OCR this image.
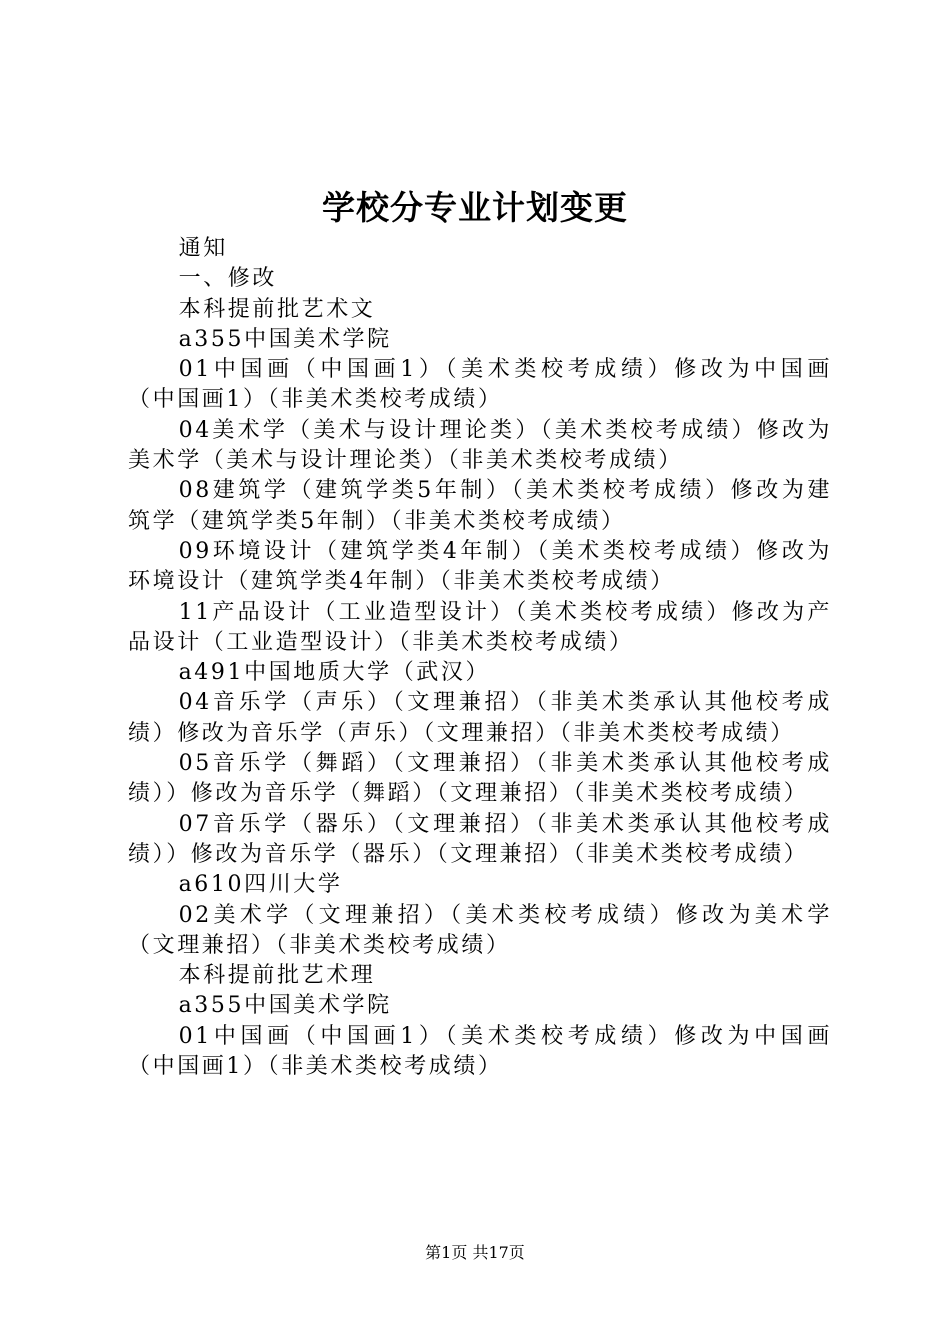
学校分专业计划变更

通知

一、修改

本科提前批艺术文

a355中国美术学院

01中国画（中国画1）（美术类校考成绩）修改为中国画（中国画1）（非美术类校考成绩）

04美术学（美术与设计理论类）（美术类校考成绩）修改为美术学（美术与设计理论类）（非美术类校考成绩）

08建筑学（建筑学类5年制）（美术类校考成绩）修改为建筑学（建筑学类5年制）（非美术类校考成绩）

09环境设计（建筑学类4年制）（美术类校考成绩）修改为环境设计（建筑学类4年制）（非美术类校考成绩）

11产品设计（工业造型设计）（美术类校考成绩）修改为产品设计（工业造型设计）（非美术类校考成绩）

a491中国地质大学（武汉）

04音乐学（声乐）（文理兼招）（非美术类承认其他校考成绩）修改为音乐学（声乐）（文理兼招）（非美术类校考成绩）

05音乐学（舞蹈）（文理兼招）（非美术类承认其他校考成绩））修改为音乐学（舞蹈）（文理兼招）（非美术类校考成绩）

07音乐学（器乐）（文理兼招）（非美术类承认其他校考成绩））修改为音乐学（器乐）（文理兼招）（非美术类校考成绩）

a610四川大学

02美术学（文理兼招）（美术类校考成绩）修改为美术学（文理兼招）（非美术类校考成绩）

本科提前批艺术理

a355中国美术学院

01中国画（中国画1）（美术类校考成绩）修改为中国画（中国画1）（非美术类校考成绩）

第1页 共17页
